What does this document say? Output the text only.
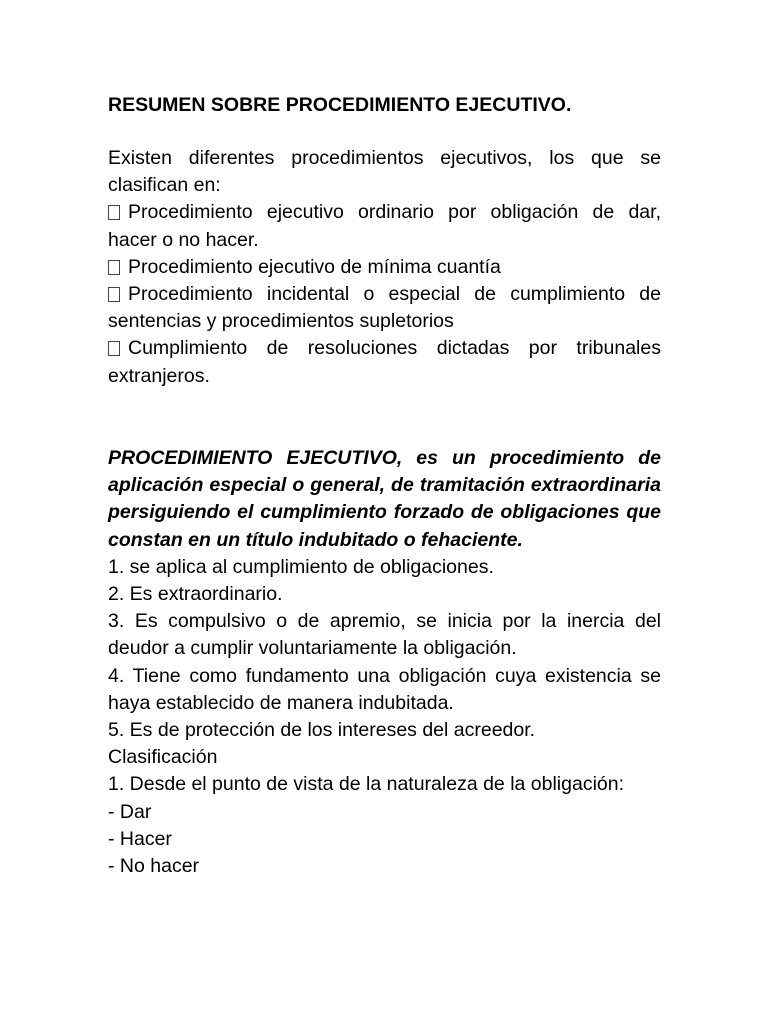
RESUMEN SOBRE PROCEDIMIENTO EJECUTIVO.

Existen diferentes procedimientos ejecutivos, los que se clasifican en:

Procedimiento ejecutivo ordinario por obligación de dar, hacer o no hacer.

Procedimiento ejecutivo de mínima cuantía

Procedimiento incidental o especial de cumplimiento de sentencias y procedimientos supletorios

Cumplimiento de resoluciones dictadas por tribunales extranjeros.

PROCEDIMIENTO EJECUTIVO, es un procedimiento de aplicación especial o general, de tramitación extraordinaria persiguiendo el cumplimiento forzado de obligaciones que constan en un título indubitado o fehaciente.

1. se aplica al cumplimiento de obligaciones.

2. Es extraordinario.

3. Es compulsivo o de apremio, se inicia por la inercia del deudor a cumplir voluntariamente la obligación.

4. Tiene como fundamento una obligación cuya existencia se haya establecido de manera indubitada.

5. Es de protección de los intereses del acreedor.

Clasificación

1. Desde el punto de vista de la naturaleza de la obligación:

- Dar

- Hacer

- No hacer
